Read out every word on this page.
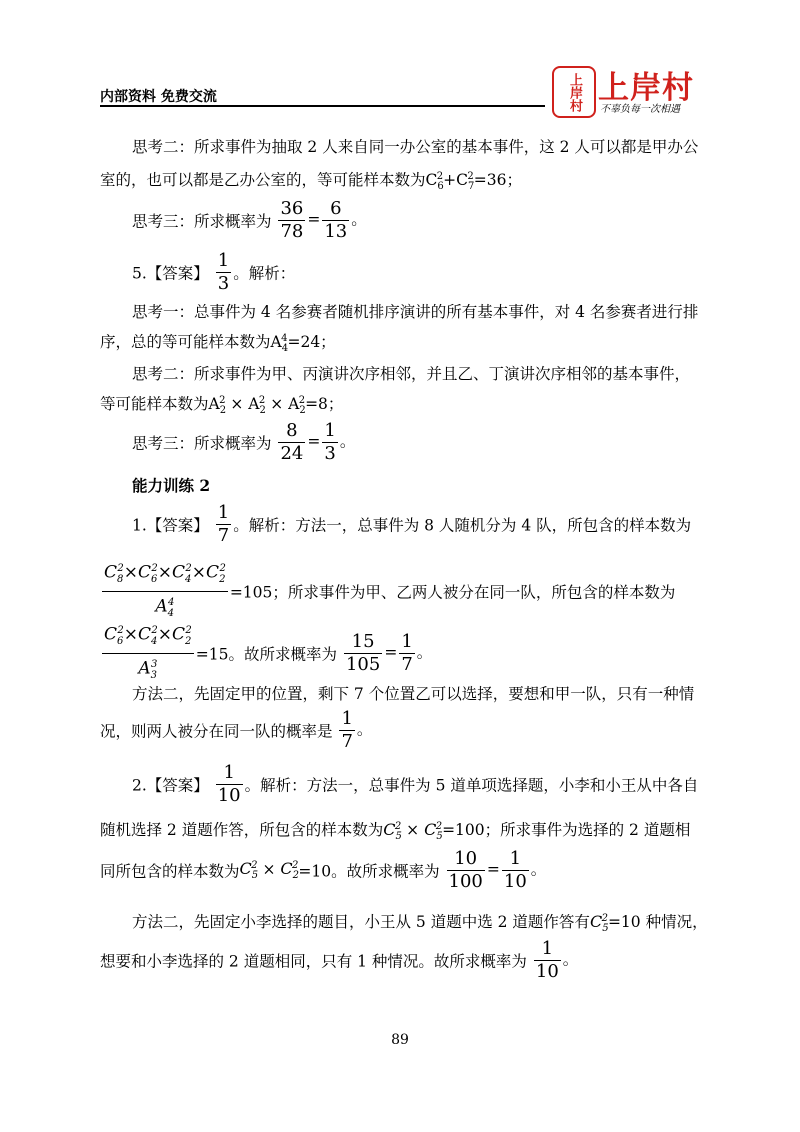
内部资料 免费交流	上岸村 上岸村
不辜负每一次相遇
思考二：所求事件为抽取 2 人来自同一办公室的基本事件，这 2 人可以都是甲办公
室的，也可以都是乙办公室的，等可能样本数为$C_6^2+C_7^2=36$；
思考三：所求概率为 $\frac{36}{78} = \frac{6}{13}$ 。
5.【答案】 $\frac{1}{3}$ 。解析：
思考一：总事件为 4 名参赛者随机排序演讲的所有基本事件，对 4 名参赛者进行排
序，总的等可能样本数为$A_4^4=24$；
思考二：所求事件为甲、丙演讲次序相邻，并且乙、丁演讲次序相邻的基本事件，
等可能样本数为$A_2^2 \times A_2^2 \times A_2^2=8$；
思考三：所求概率为 $\frac{8}{24} = \frac{1}{3}$ 。
能力训练 2
1.【答案】 $\frac{1}{7}$ 。解析：方法一，总事件为 8 人随机分为 4 队，所包含的样本数为
$\frac{C_8^2\times C_6^2\times C_4^2\times C_2^2}{A_4^4} =105$；所求事件为甲、乙两人被分在同一队，所包含的样本数为
$\frac{C_6^2\times C_4^2\times C_2^2}{A_3^3} =15$。故所求概率为 $\frac{15}{105} = \frac{1}{7}$ 。
方法二，先固定甲的位置，剩下 7 个位置乙可以选择，要想和甲一队，只有一种情
况，则两人被分在同一队的概率是 $\frac{1}{7}$ 。
2.【答案】 $\frac{1}{10}$ 。解析：方法一，总事件为 5 道单项选择题，小李和小王从中各自
随机选择 2 道题作答，所包含的样本数为$C_5^2 \times C_5^2=100$；所求事件为选择的 2 道题相
同所包含的样本数为$C_5^2 \times C_2^2=10$。故所求概率为 $\frac{10}{100} = \frac{1}{10}$ 。
方法二，先固定小李选择的题目，小王从 5 道题中选 2 道题作答有$C_5^2=10$ 种情况，
想要和小李选择的 2 道题相同，只有 1 种情况。故所求概率为 $\frac{1}{10}$ 。
89
